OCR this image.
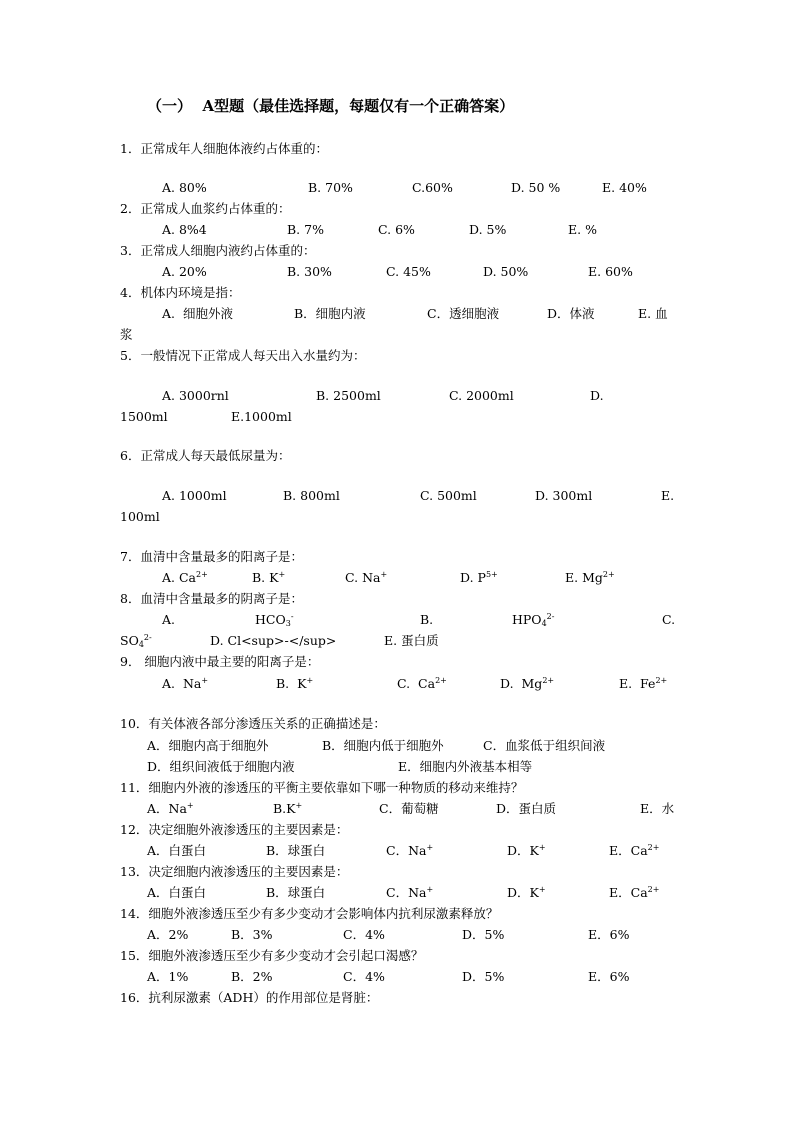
（一）  A型题（最佳选择题，每题仅有一个正确答案）
1．正常成年人细胞体液约占体重的：
A. 80%	B. 70%	C.60%	D. 50 %	E. 40%
2．正常成人血浆约占体重的：
A. 8%4	B. 7%	C. 6%	D. 5%	E. %
3．正常成人细胞内液约占体重的：
A. 20%	B. 30%	C. 45%	D. 50%	E. 60%
4．机体内环境是指：
A.  细胞外液	B．细胞内液	C．透细胞液	D．体液	E. 血
浆
5．一般情况下正常成人每天出入水量约为：
A. 3000rnl	B. 2500ml	C. 2000ml	D.
1500ml	E.1000ml
6．正常成人每天最低尿量为：
A. 1000ml	B. 800ml	C. 500ml	D. 300ml	E.
100ml
7．血清中含量最多的阳离子是：
A. $Ca^{2+}$	B. K+	C. Na+	D. $P^{5+}$	E. $Mg^{2+}$
8．血清中含量最多的阴离子是：
A.	$HCO_3^-$	B.	$HPO_4^{2-}$	C.
$SO_4^{2-}$	D. Cl<sup>-</sup>	E. 蛋白质
9． 细胞内液中最主要的阳离子是：
A.  Na+	B.  K+	C.  $Ca^{2+}$	D.  $Mg^{2+}$	E.  $Fe^{2+}$
10．有关体液各部分渗透压关系的正确描述是：
A．细胞内高于细胞外	B．细胞内低于细胞外	C．血浆低于组织间液
D．组织间液低于细胞内液	E．细胞内外液基本相等
11．细胞内外液的渗透压的平衡主要依靠如下哪一种物质的移动来维持？
A．Na+	B.K+	C．葡萄糖	D．蛋白质	E．水
12．决定细胞外液渗透压的主要因素是：
A．白蛋白	B．球蛋白	C．Na+	D．K+	E．$Ca^{2+}$
13．决定细胞内液渗透压的主要因素是：
A．白蛋白	B．球蛋白	C．Na+	D．K+	E．$Ca^{2+}$
14．细胞外液渗透压至少有多少变动才会影响体内抗利尿激素释放？
A．2%	B．3%	C．4%	D．5%	E．6%
15．细胞外液渗透压至少有多少变动才会引起口渴感？
A．1%	B．2%	C．4%	D．5%	E．6%
16．抗利尿激素（ADH）的作用部位是肾脏：
